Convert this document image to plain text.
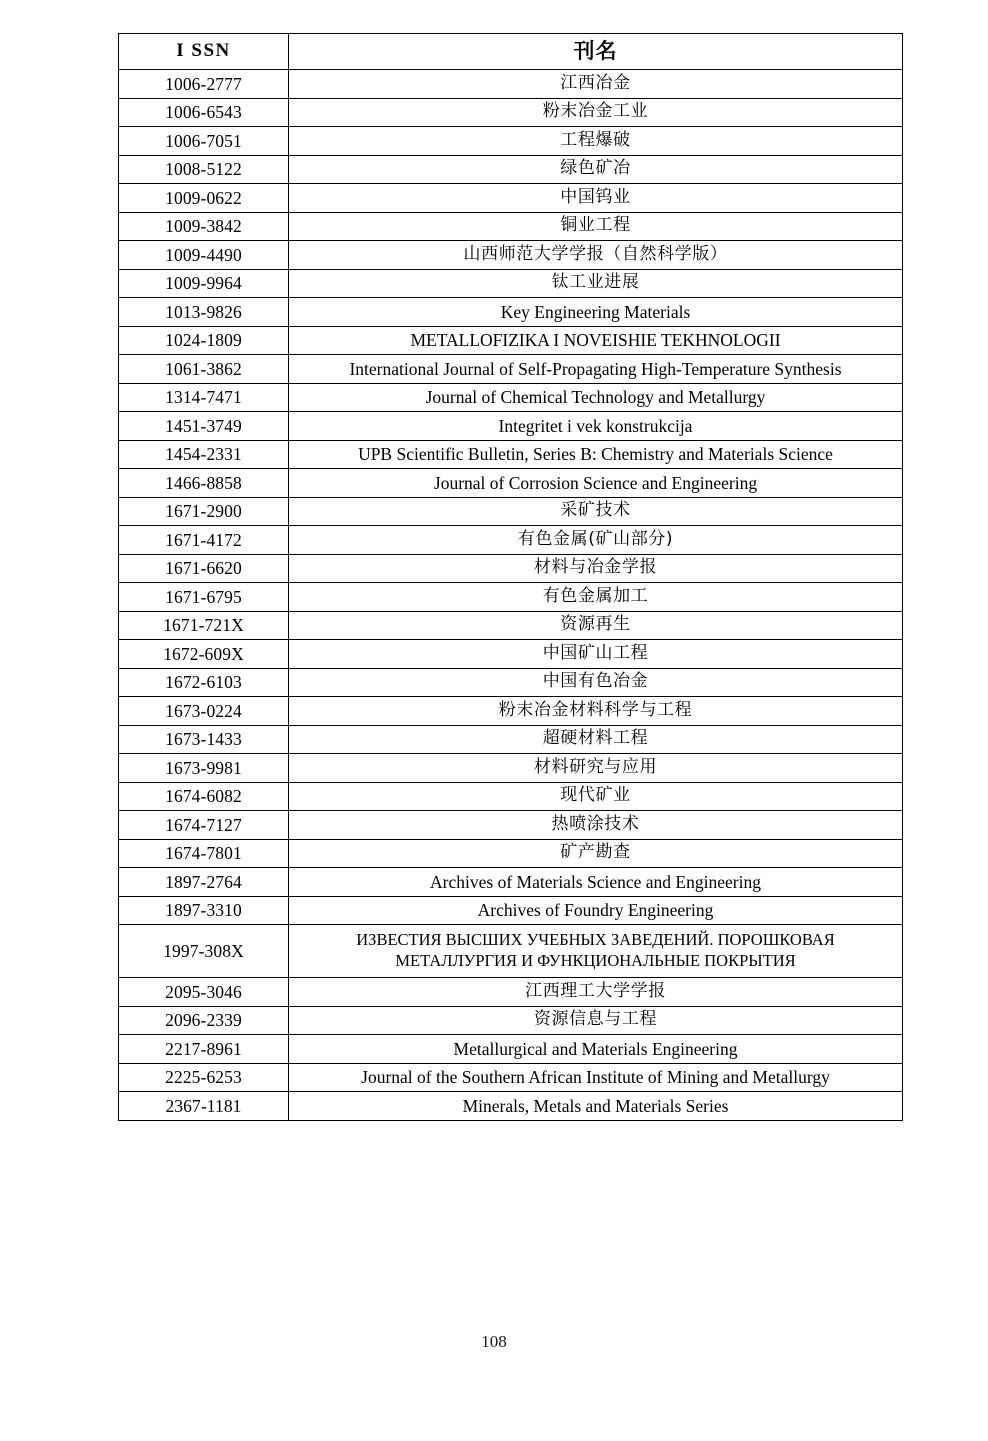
I SSN	刊名
1006-2777	江西冶金
1006-6543	粉末冶金工业
1006-7051	工程爆破
1008-5122	绿色矿冶
1009-0622	中国钨业
1009-3842	铜业工程
1009-4490	山西师范大学学报（自然科学版）
1009-9964	钛工业进展
1013-9826	Key Engineering Materials
1024-1809	METALLOFIZIKA I NOVEISHIE TEKHNOLOGII
1061-3862	International Journal of Self-Propagating High-Temperature Synthesis
1314-7471	Journal of Chemical Technology and Metallurgy
1451-3749	Integritet i vek konstrukcija
1454-2331	UPB Scientific Bulletin, Series B: Chemistry and Materials Science
1466-8858	Journal of Corrosion Science and Engineering
1671-2900	采矿技术
1671-4172	有色金属(矿山部分)
1671-6620	材料与冶金学报
1671-6795	有色金属加工
1671-721X	资源再生
1672-609X	中国矿山工程
1672-6103	中国有色冶金
1673-0224	粉末冶金材料科学与工程
1673-1433	超硬材料工程
1673-9981	材料研究与应用
1674-6082	现代矿业
1674-7127	热喷涂技术
1674-7801	矿产勘查
1897-2764	Archives of Materials Science and Engineering
1897-3310	Archives of Foundry Engineering
1997-308X	ИЗВЕСТИЯ ВЫСШИХ УЧЕБНЫХ ЗАВЕДЕНИЙ. ПОРОШКОВАЯ МЕТАЛЛУРГИЯ И ФУНКЦИОНАЛЬНЫЕ ПОКРЫТИЯ
2095-3046	江西理工大学学报
2096-2339	资源信息与工程
2217-8961	Metallurgical and Materials Engineering
2225-6253	Journal of the Southern African Institute of Mining and Metallurgy
2367-1181	Minerals, Metals and Materials Series
108
